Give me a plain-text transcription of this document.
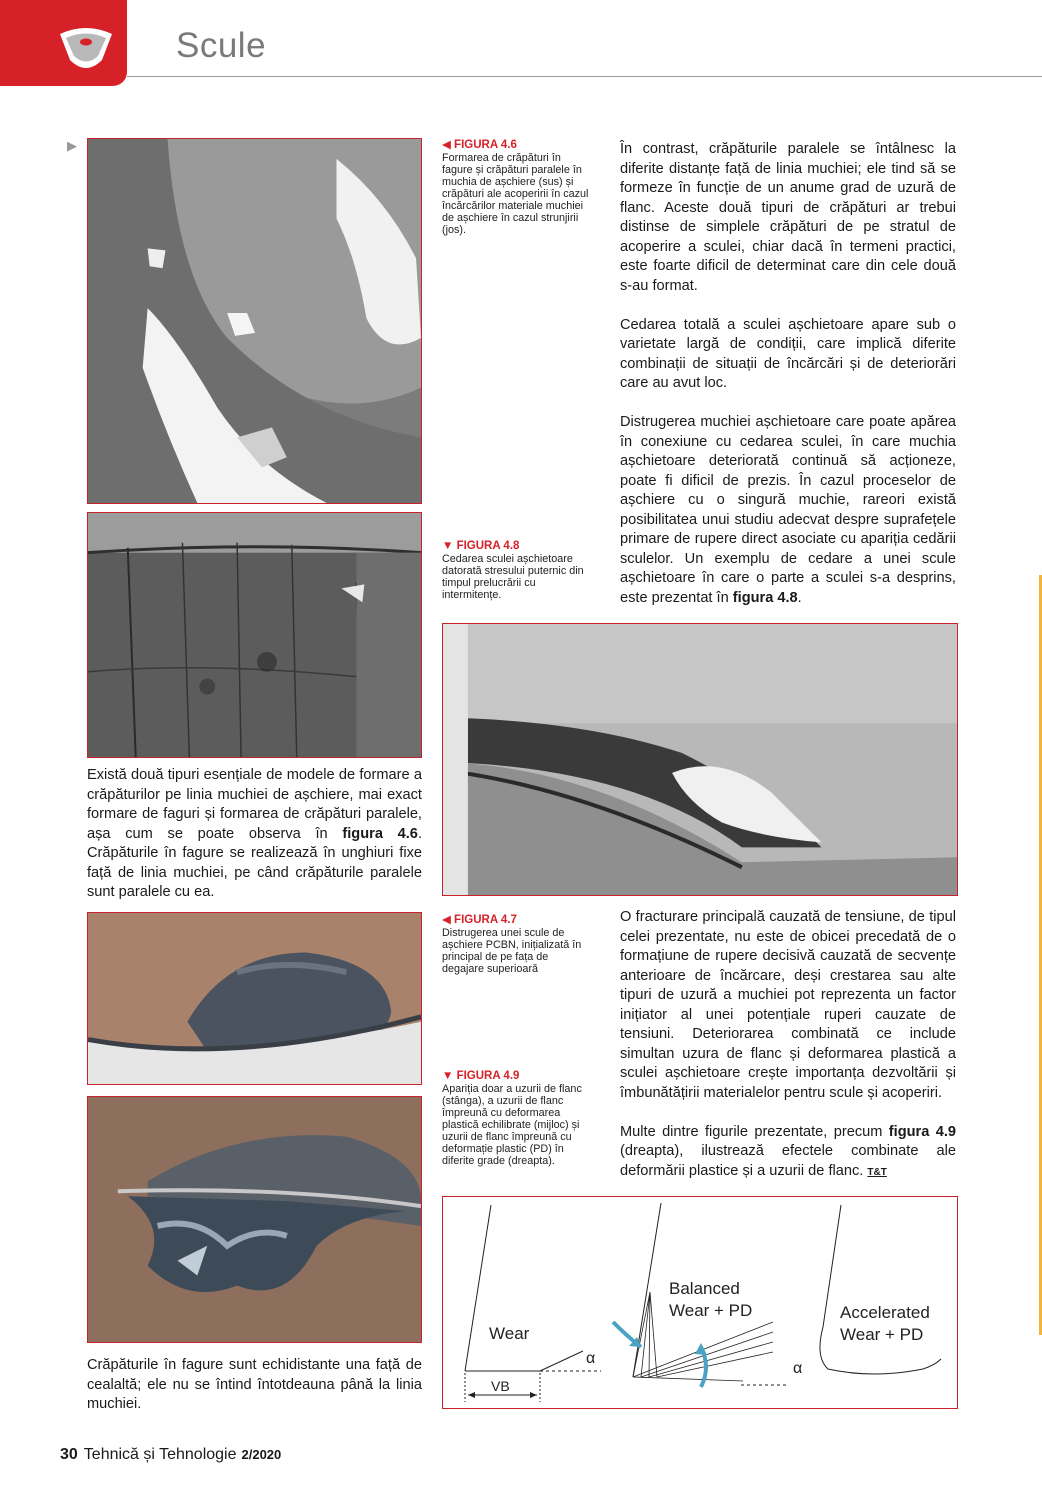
Scule
▶	◀ FIGURA 4.6
Formarea de crăpături în fagure și crăpături paralele în muchia de așchiere (sus) și crăpături ale acoperirii în cazul încărcărilor materiale muchiei de așchiere în cazul strunjirii (jos).
▼ FIGURA 4.8
Cedarea sculei așchietoare datorată stresului puternic din timpul prelucrării cu intermitențe.
◀ FIGURA 4.7
Distrugerea unei scule de așchiere PCBN, inițializată în principal de pe fața de degajare superioară
▼ FIGURA 4.9
Apariția doar a uzurii de flanc (stânga), a uzurii de flanc împreună cu deformarea plastică echilibrate (mijloc) și uzurii de flanc împreună cu deformație plastic (PD) în diferite grade (dreapta).

În contrast, crăpăturile paralele se întâlnesc la diferite distanțe față de linia muchiei; ele tind să se formeze în funcție de un anume grad de uzură de flanc. Aceste două tipuri de crăpături ar trebui distinse de simplele crăpături de pe stratul de acoperire a sculei, chiar dacă în termeni practici, este foarte dificil de determinat care din cele două s-au format.

Cedarea totală a sculei așchietoare apare sub o varietate largă de condiții, care implică diferite combinații de situații de încărcări și de deteriorări care au avut loc.

Distrugerea muchiei așchietoare care poate apărea în conexiune cu cedarea sculei, în care muchia așchietoare deteriorată continuă să acționeze, poate fi dificil de prezis. În cazul proceselor de așchiere cu o singură muchie, rareori există posibilitatea unui studiu adecvat despre suprafețele primare de rupere direct asociate cu apariția cedării sculelor. Un exemplu de cedare a unei scule așchietoare în care o parte a sculei s-a desprins, este prezentat în figura 4.8.

O fracturare principală cauzată de tensiune, de tipul celei prezentate, nu este de obicei precedată de o formațiune de rupere decisivă cauzată de secvențe anterioare de încărcare, deși crestarea sau alte tipuri de uzură a muchiei pot reprezenta un factor inițiator al unei potențiale ruperi cauzate de tensiuni. Deteriorarea combinată ce include simultan uzura de flanc și deformarea plastică a sculei așchietoare crește importanța dezvoltării și îmbunătățirii materialelor pentru scule și acoperiri.

Multe dintre figurile prezentate, precum figura 4.9 (dreapta), ilustrează efectele combinate ale deformării plastice și a uzurii de flanc. T&T

Există două tipuri esențiale de modele de formare a crăpăturilor pe linia muchiei de așchiere, mai exact formare de faguri și formarea de crăpături paralele, așa cum se poate observa în figura 4.6. Crăpăturile în fagure se realizează în unghiuri fixe față de linia muchiei, pe când crăpăturile paralele sunt paralele cu ea.

Crăpăturile în fagure sunt echidistante una față de cealaltă; ele nu se întind întotdeauna până la linia muchiei.

Wear
VB
α
Balanced
Wear + PD
α
Accelerated
Wear + PD
30 Tehnică și Tehnologie 2/2020
